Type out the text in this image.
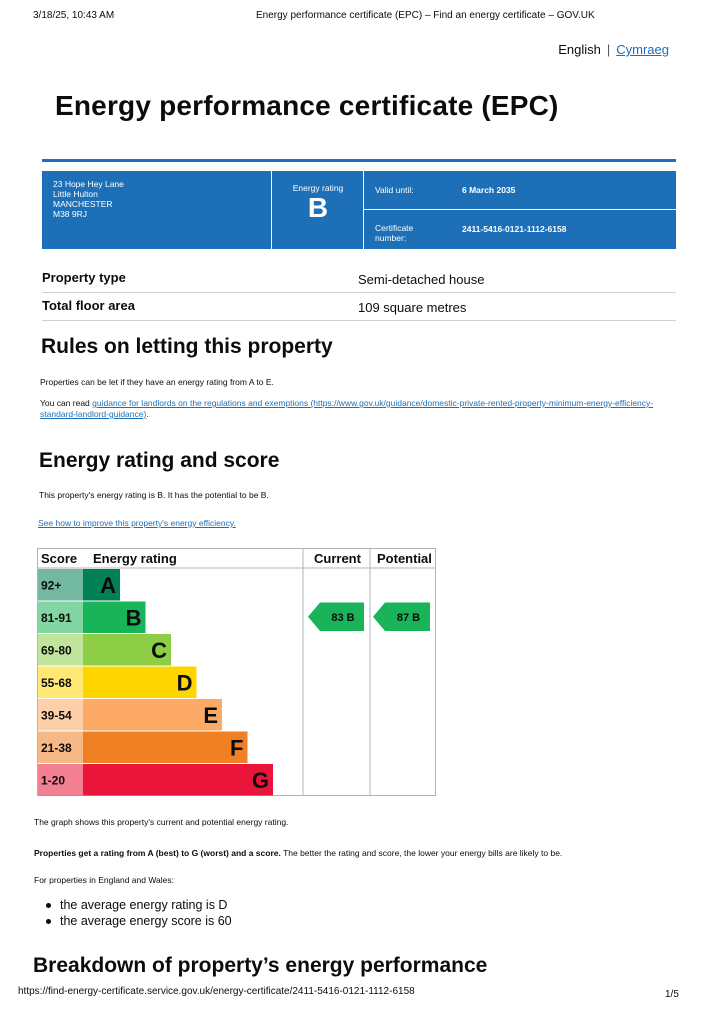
3/18/25, 10:43 AM	Energy performance certificate (EPC) – Find an energy certificate – GOV.UK
English | Cymraeg
Energy performance certificate (EPC)
23 Hope Hey Lane
Little Hulton
MANCHESTER
M38 9RJ
Energy rating
B
Valid until:	6 March 2035
Certificate number:
2411-5416-0121-1112-6158
Property type	Semi-detached house
Total floor area	109 square metres
Rules on letting this property

Properties can be let if they have an energy rating from A to E.

You can read guidance for landlords on the regulations and exemptions (https://www.gov.uk/guidance/domestic-private-rented-property-minimum-energy-efficiency-standard-landlord-guidance).

Energy rating and score

This property's energy rating is B. It has the potential to be B.

See how to improve this property's energy efficiency.
Score Energy rating	Current Potential
92+ A
81-91 B
69-80	C
55-68	D
39-54	E
21-38	F
1-20	G
83 B	87 B

The graph shows this property's current and potential energy rating.

Properties get a rating from A (best) to G (worst) and a score. The better the rating and score, the lower your energy bills are likely to be.

For properties in England and Wales:

the average energy rating is D
the average energy score is 60
Breakdown of property’s energy performance
https://find-energy-certificate.service.gov.uk/energy-certificate/2411-5416-0121-1112-6158	1/5
